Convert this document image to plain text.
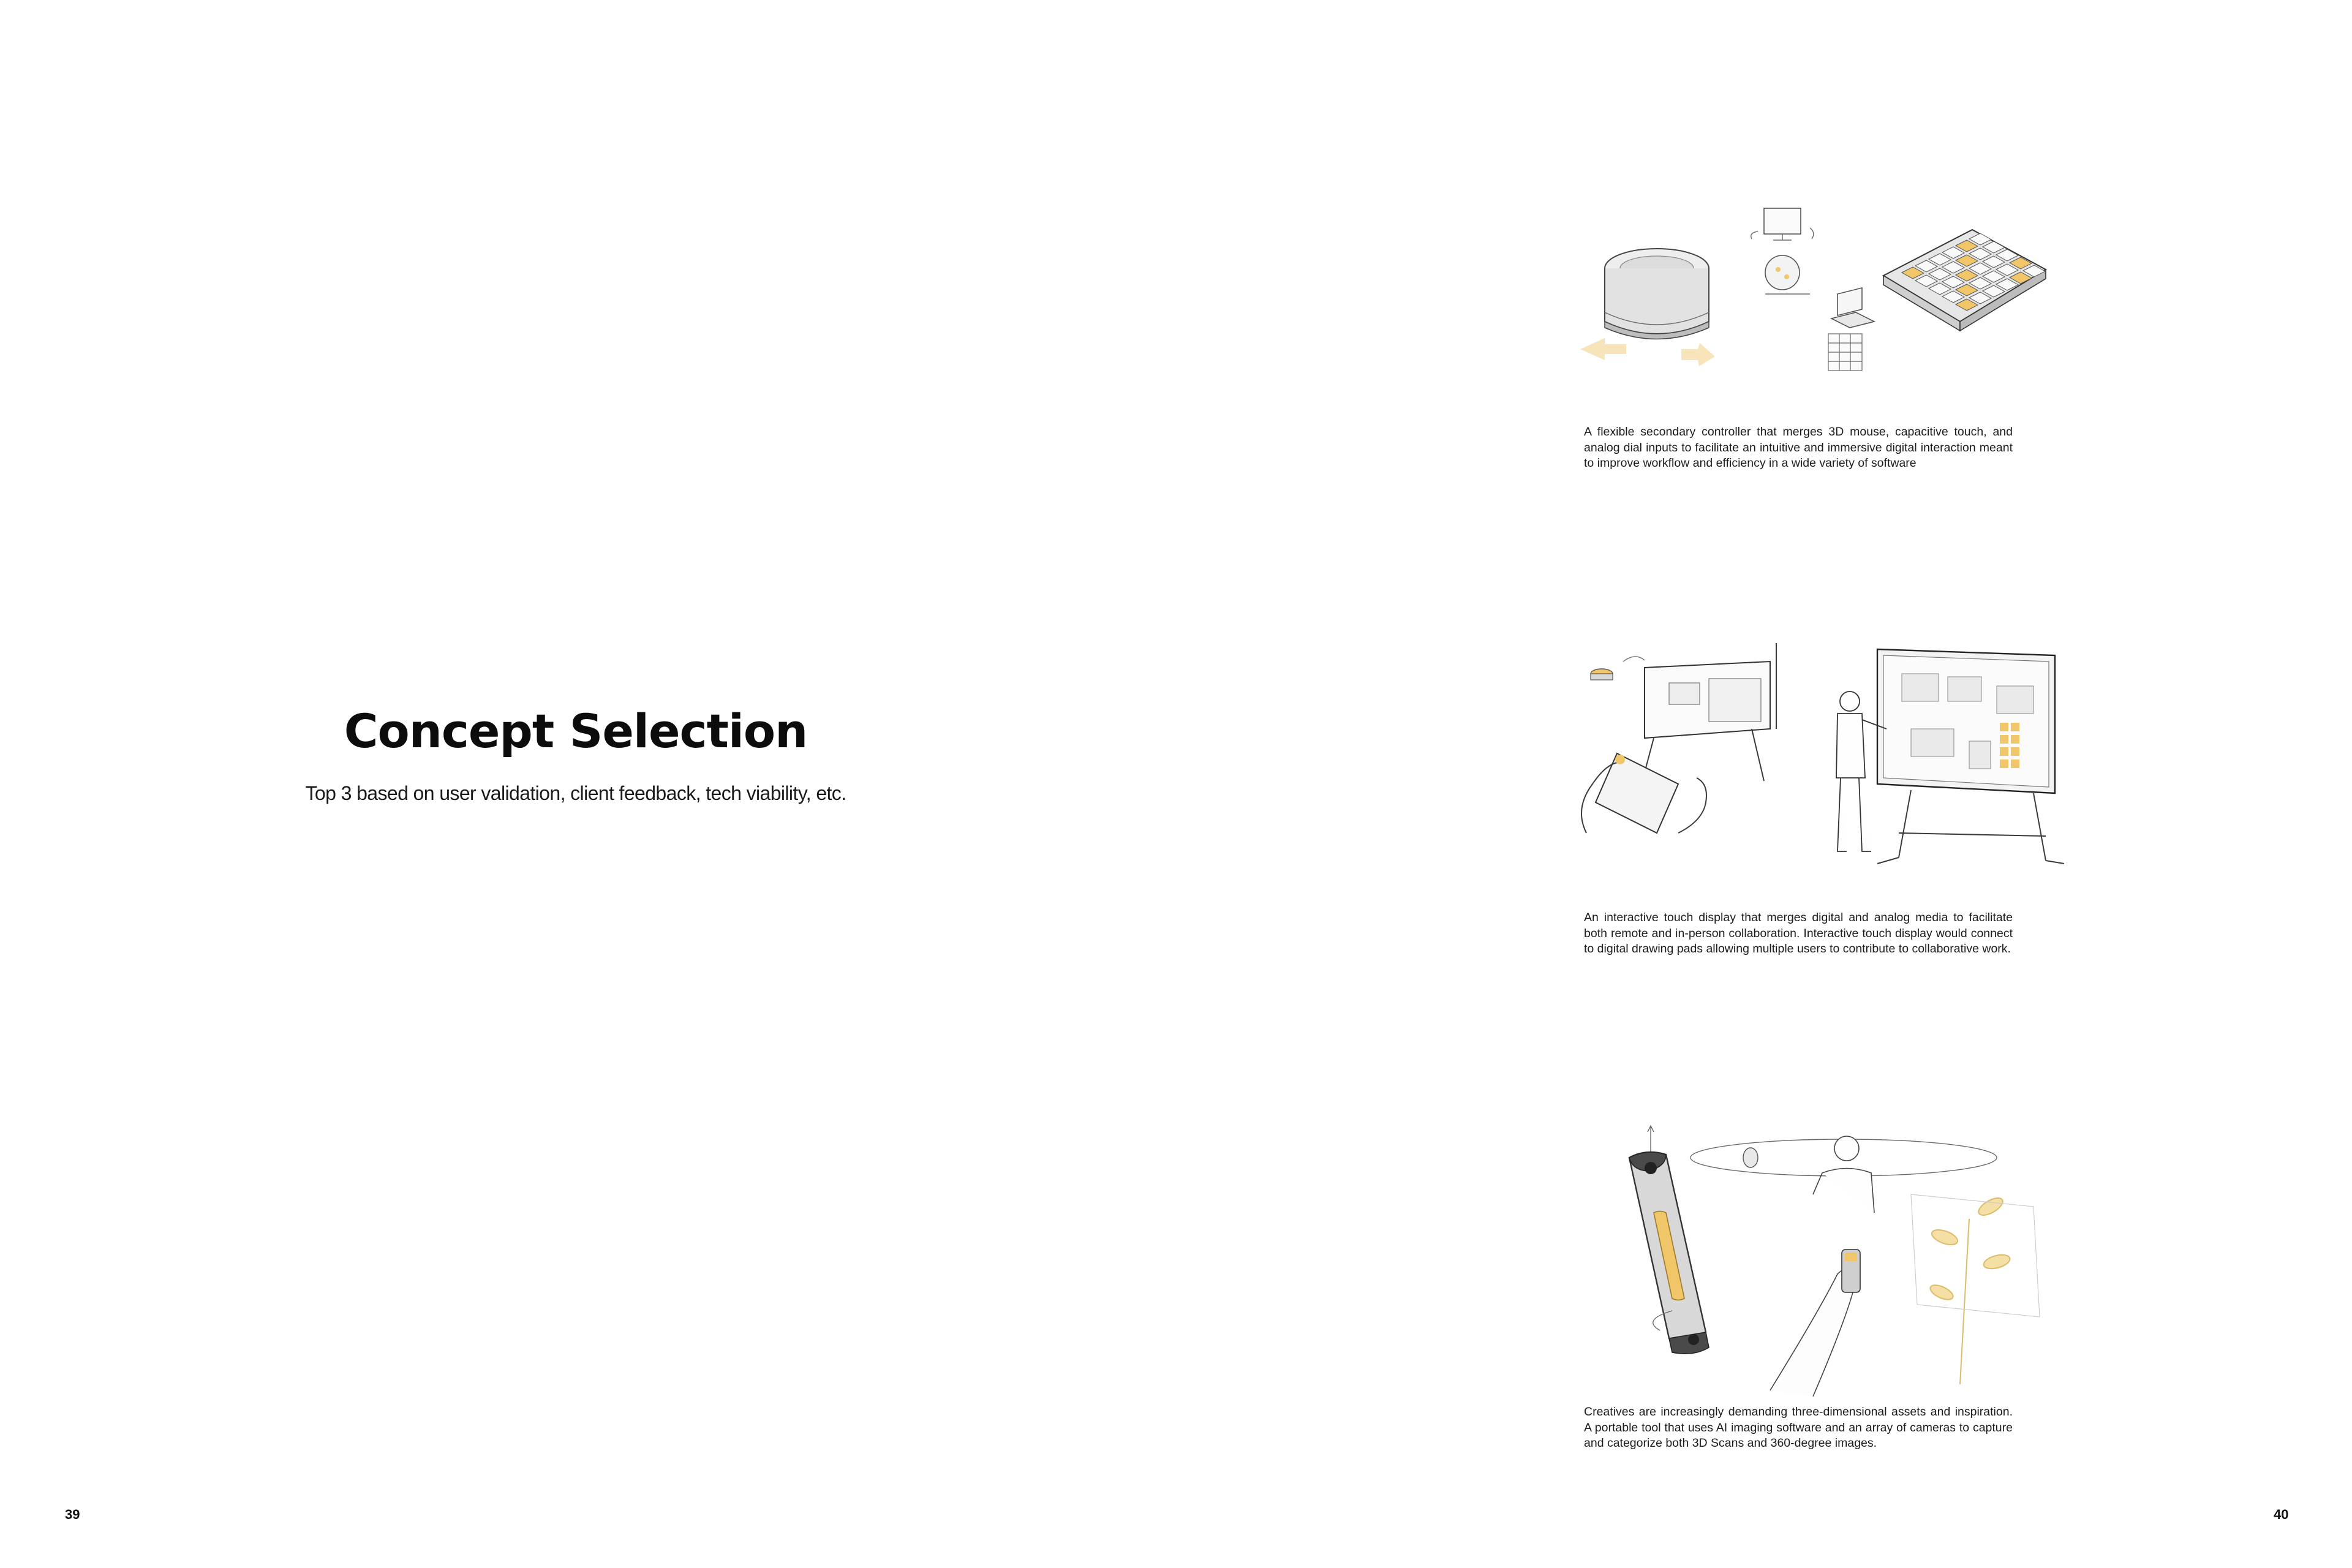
Concept Selection
Top 3 based on user validation, client feedback, tech viability, etc.
39
A flexible secondary controller that merges 3D mouse, capacitive touch, and analog dial inputs to facilitate an intuitive and immersive digital interaction meant to improve workflow and efficiency in a wide variety of software
An interactive touch display that merges digital and analog media to facilitate both remote and in-person collaboration. Interactive touch display would connect to digital drawing pads allowing multiple users to contribute to collaborative work.
Creatives are increasingly demanding three-dimensional assets and inspiration. A portable tool that uses AI imaging software and an array of cameras to capture and categorize both 3D Scans and 360-degree images.
40
